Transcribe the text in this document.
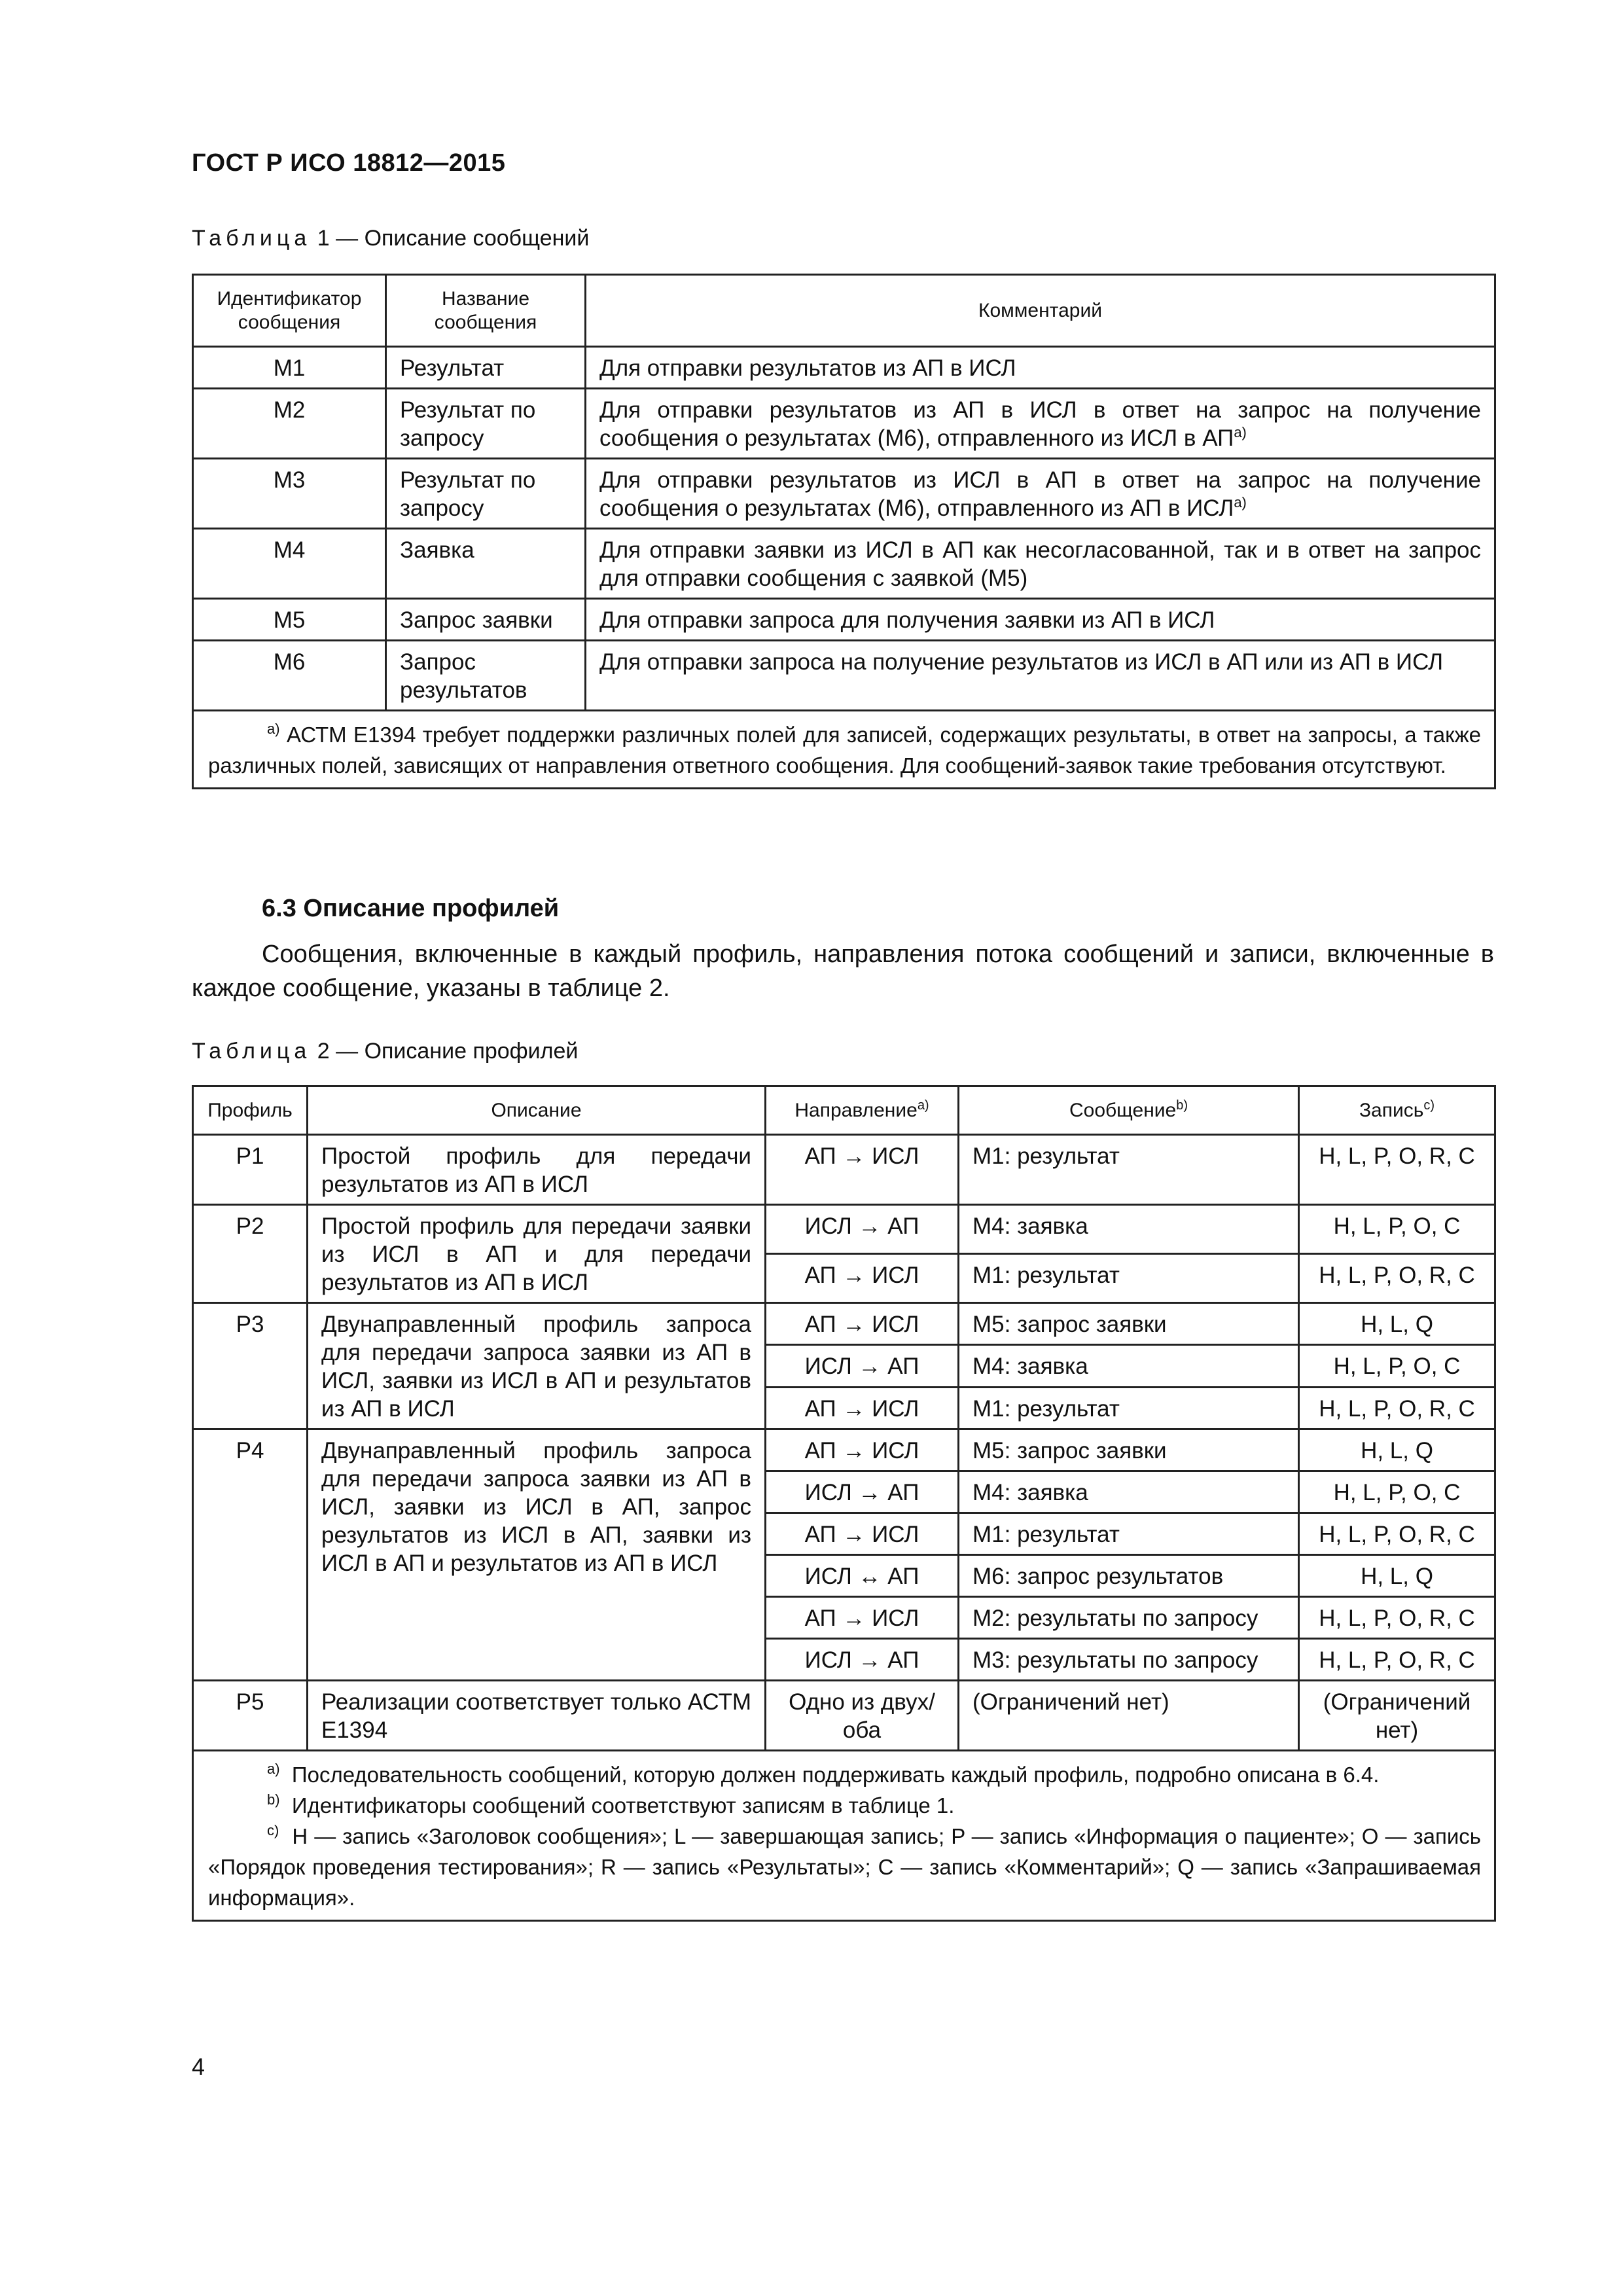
ГОСТ Р ИСО 18812—2015
Таблица 1 — Описание сообщений
Идентификатор сообщения	Название сообщения	Комментарий
M1	Результат	Для отправки результатов из АП в ИСЛ
M2	Результат по запросу	Для отправки результатов из АП в ИСЛ в ответ на запрос на получение сообщения о результатах (M6), отправленного из ИСЛ в АП$^{a)}$
M3	Результат по запросу	Для отправки результатов из ИСЛ в АП в ответ на запрос на получение сообщения о результатах (M6), отправленного из АП в ИСЛ$^{a)}$
M4	Заявка	Для отправки заявки из ИСЛ в АП как несогласованной, так и в ответ на запрос для отправки сообщения с заявкой (M5)
M5	Запрос заявки	Для отправки запроса для получения заявки из АП в ИСЛ
M6	Запрос результатов	Для отправки запроса на получение результатов из ИСЛ в АП или из АП в ИСЛ

$^{a)}$ АСТМ Е1394 требует поддержки различных полей для записей, содержащих результаты, в ответ на запросы, а также различных полей, зависящих от направления ответного сообщения. Для сообщений-заявок такие требования отсутствуют.		

6.3 Описание профилей
Сообщения, включенные в каждый профиль, направления потока сообщений и записи, включенные в каждое сообщение, указаны в таблице 2.
Таблица 2 — Описание профилей
Профиль	Описание	Направление$^{a)}$	Сообщение$^{b)}$	Запись$^{c)}$
P1	Простой профиль для передачи результатов из АП в ИСЛ	АП → ИСЛ	M1: результат	H, L, P, O, R, C
P2	Простой профиль для передачи заявки из ИСЛ в АП и для передачи результатов из АП в ИСЛ	ИСЛ → АП	M4: заявка	H, L, P, O, C
		АП → ИСЛ	M1: результат	H, L, P, O, R, C
P3	Двунаправленный профиль запроса для передачи запроса заявки из АП в ИСЛ, заявки из ИСЛ в АП и результатов из АП в ИСЛ	АП → ИСЛ	M5: запрос заявки	H, L, Q
		ИСЛ → АП	M4: заявка	H, L, P, O, C
		АП → ИСЛ	M1: результат	H, L, P, O, R, C
P4	Двунаправленный профиль запроса для передачи запроса заявки из АП в ИСЛ, заявки из ИСЛ в АП, запрос результатов из ИСЛ в АП, заявки из ИСЛ в АП и результатов из АП в ИСЛ	АП → ИСЛ	M5: запрос заявки	H, L, Q
		ИСЛ → АП	M4: заявка	H, L, P, O, C
		АП → ИСЛ	M1: результат	H, L, P, O, R, C
		ИСЛ ↔ АП	M6: запрос результатов	H, L, Q
		АП → ИСЛ	M2: результаты по запросу	H, L, P, O, R, C
		ИСЛ → АП	M3: результаты по запросу	H, L, P, O, R, C
P5	Реализации соответствует только АСТМ Е1394	Одно из двух/оба	(Ограничений нет)	(Ограничений нет)

$^{a)}$ Последовательность сообщений, которую должен поддерживать каждый профиль, подробно описана в 6.4.

$^{b)}$ Идентификаторы сообщений соответствуют записям в таблице 1.

$^{c)}$ H — запись «Заголовок сообщения»; L — завершающая запись; P — запись «Информация о пациенте»; O — запись «Порядок проведения тестирования»; R — запись «Результаты»; C — запись «Комментарий»; Q — запись «Запрашиваемая информация».				

4
